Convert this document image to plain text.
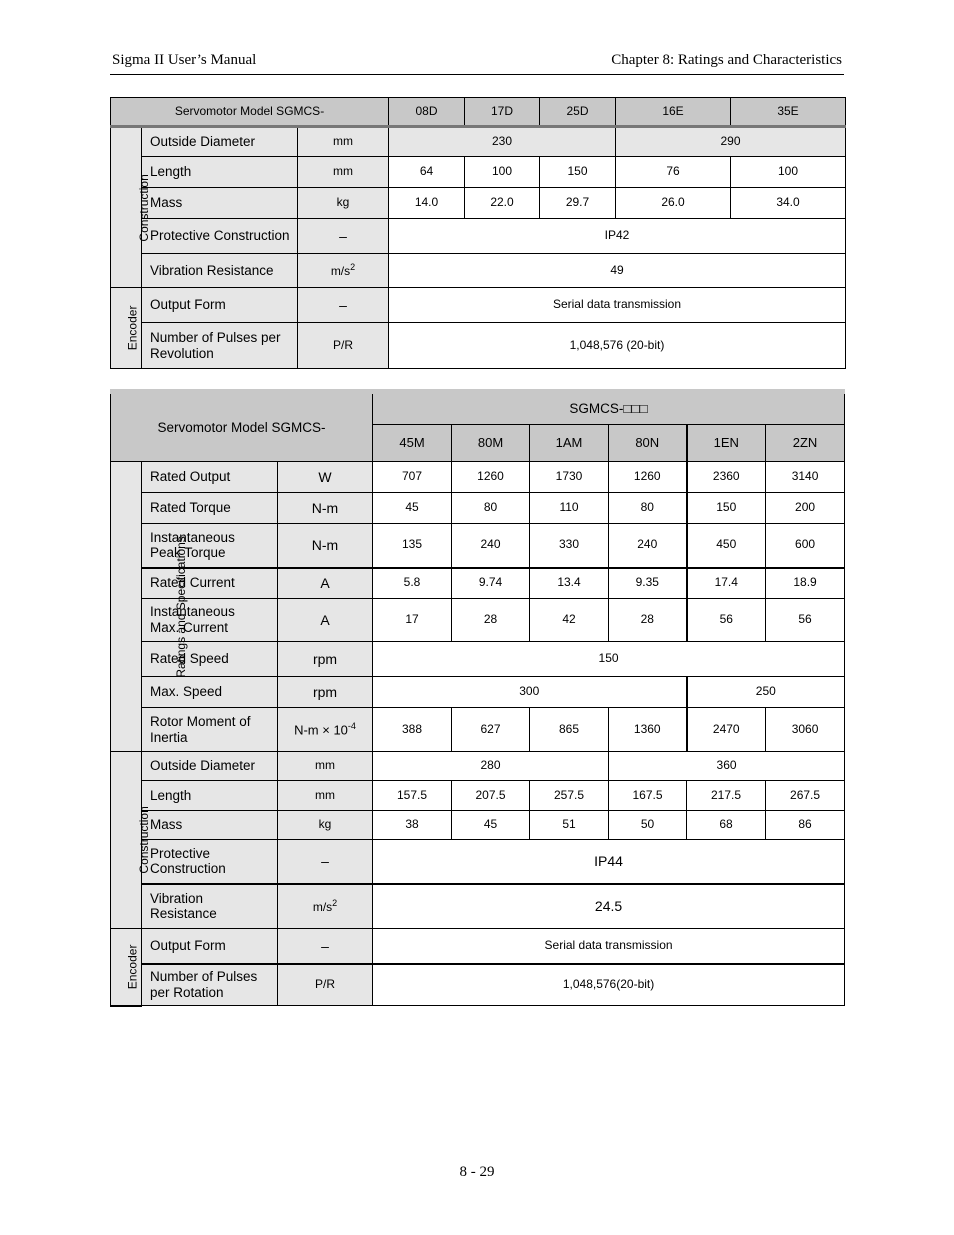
Sigma II User’s Manual	Chapter 8: Ratings and Characteristics
Servomotor Model SGMCS-			08D	17D	25D	16E	35E
Construction	Outside Diameter	mm	230			290	
	Length	mm	64	100	150	76	100
	Mass	kg	14.0	22.0	29.7	26.0	34.0
	Protective Construction	–	IP42				
	Vibration Resistance	$m/s^2$	49				
Encoder	Output Form	–	Serial data transmission				
	Number of Pulses per Revolution	P/R	1,048,576 (20-bit)				
Servomotor Model SGMCS-			SGMCS-□□□					
			45M	80M	1AM	80N	1EN	2ZN
Ratings and Specifications	Rated Output	W	707	1260	1730	1260	2360	3140
	Rated Torque	N-m	45	80	110	80	150	200
	Instantaneous
Peak Torque	N-m	135	240	330	240	450	600
	Rated Current	A	5.8	9.74	13.4	9.35	17.4	18.9
	Instantaneous
Max. Current	A	17	28	42	28	56	56
	Rated Speed	rpm	150					
	Max. Speed	rpm	300				250	
	Rotor Moment of
Inertia	$N-m \times 10^{-4}$	388	627	865	1360	2470	3060
Construction	Outside Diameter	mm	280			360		
	Length	mm	157.5	207.5	257.5	167.5	217.5	267.5
	Mass	kg	38	45	51	50	68	86
	Protective
Construction	–	IP44					
	Vibration
Resistance	$m/s^2$	24.5					
Encoder	Output Form	–	Serial data transmission					
	Number of Pulses
per Rotation	P/R	1,048,576(20-bit)					
8 - 29
